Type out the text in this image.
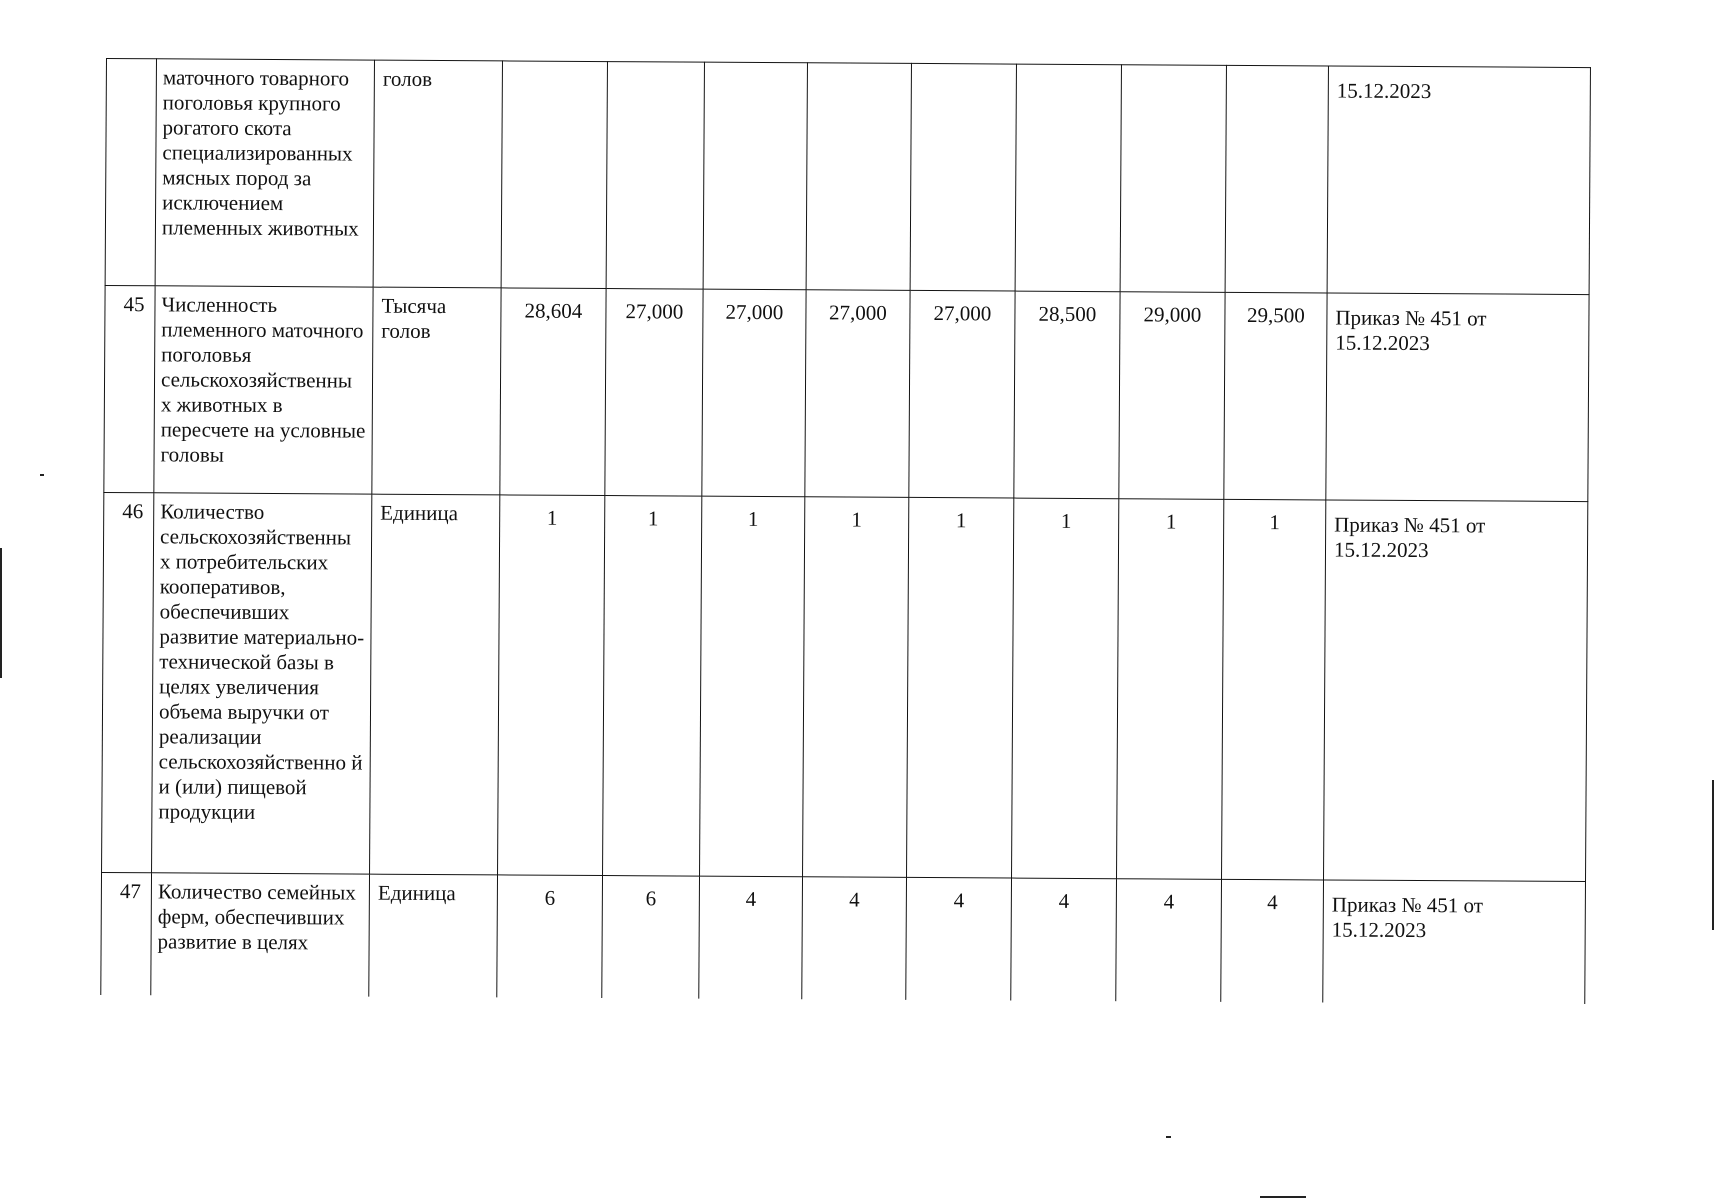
	маточного товарного поголовья крупного рогатого скота специализированных мясных пород за исключением племенных животных	голов									15.12.2023
45	Численность племенного маточного поголовья сельскохозяйственны х животных в пересчете на условные головы	Тысяча голов	28,604	27,000	27,000	27,000	27,000	28,500	29,000	29,500	Приказ № 451 от 15.12.2023
46	Количество сельскохозяйственны х потребительских кооперативов, обеспечивших развитие материально-технической базы в целях увеличения объема выручки от реализации сельскохозяйственно й и (или) пищевой продукции	Единица	1	1	1	1	1	1	1	1	Приказ № 451 от 15.12.2023
47	Количество семейных ферм, обеспечивших развитие в целях	Единица	6	6	4	4	4	4	4	4	Приказ № 451 от 15.12.2023
